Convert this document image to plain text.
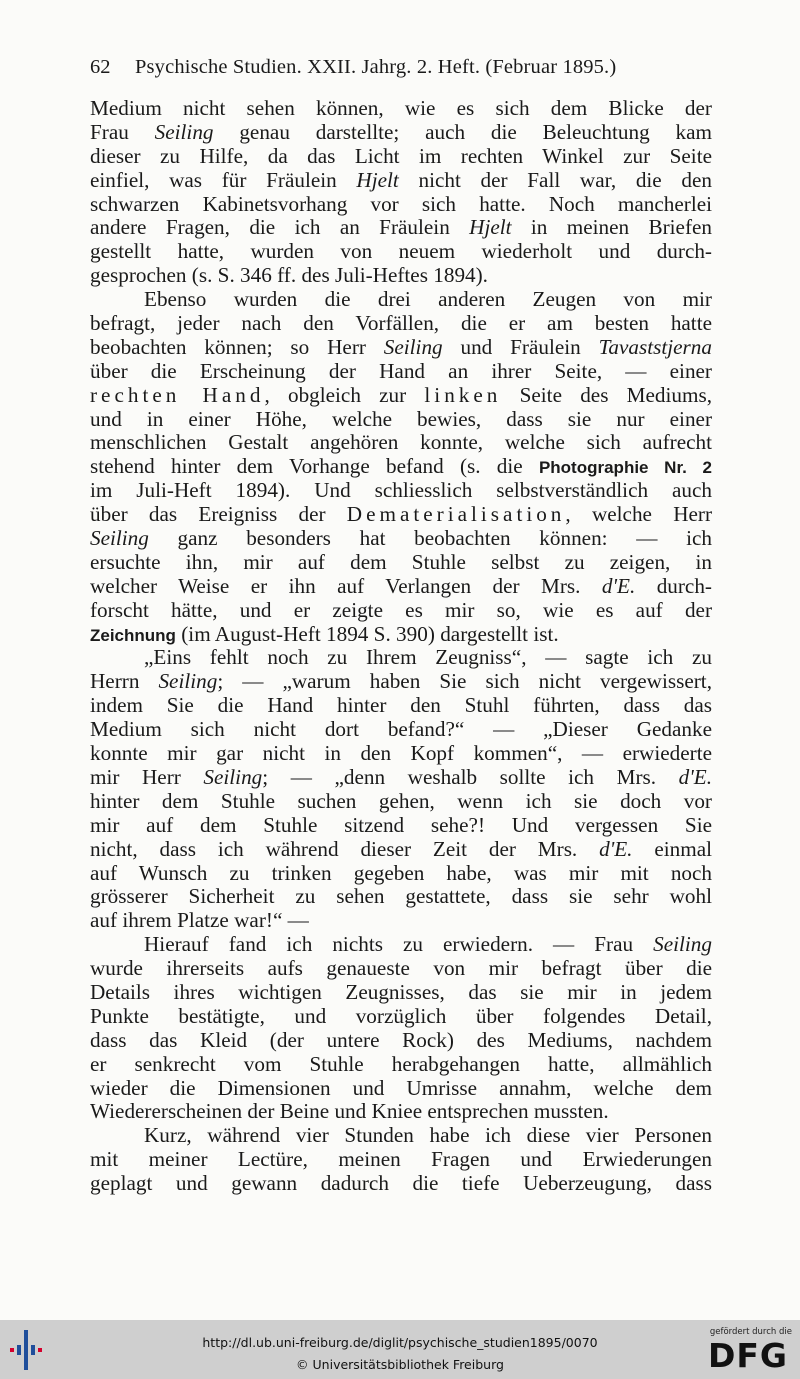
62 Psychische Studien. XXII. Jahrg. 2. Heft. (Februar 1895.)
Medium nicht sehen können, wie es sich dem Blicke der
Frau Seiling genau darstellte; auch die Beleuchtung kam
dieser zu Hilfe, da das Licht im rechten Winkel zur Seite
einfiel, was für Fräulein Hjelt nicht der Fall war, die den
schwarzen Kabinetsvorhang vor sich hatte. Noch mancherlei
andere Fragen, die ich an Fräulein Hjelt in meinen Briefen
gestellt hatte, wurden von neuem wiederholt und durch-
gesprochen (s. S. 346 ff. des Juli-Heftes 1894).
Ebenso wurden die drei anderen Zeugen von mir
befragt, jeder nach den Vorfällen, die er am besten hatte
beobachten können; so Herr Seiling und Fräulein Tavaststjerna
über die Erscheinung der Hand an ihrer Seite, — einer
rechten Hand, obgleich zur linken Seite des Mediums,
und in einer Höhe, welche bewies, dass sie nur einer
menschlichen Gestalt angehören konnte, welche sich aufrecht
stehend hinter dem Vorhange befand (s. die Photographie Nr. 2
im Juli-Heft 1894). Und schliesslich selbstverständlich auch
über das Ereigniss der Dematerialisation, welche Herr
Seiling ganz besonders hat beobachten können: — ich
ersuchte ihn, mir auf dem Stuhle selbst zu zeigen, in
welcher Weise er ihn auf Verlangen der Mrs. d'E. durch-
forscht hätte, und er zeigte es mir so, wie es auf der
Zeichnung (im August-Heft 1894 S. 390) dargestellt ist.
„Eins fehlt noch zu Ihrem Zeugniss“, — sagte ich zu
Herrn Seiling; — „warum haben Sie sich nicht vergewissert,
indem Sie die Hand hinter den Stuhl führten, dass das
Medium sich nicht dort befand?“ — „Dieser Gedanke
konnte mir gar nicht in den Kopf kommen“, — erwiederte
mir Herr Seiling; — „denn weshalb sollte ich Mrs. d'E.
hinter dem Stuhle suchen gehen, wenn ich sie doch vor
mir auf dem Stuhle sitzend sehe?! Und vergessen Sie
nicht, dass ich während dieser Zeit der Mrs. d'E. einmal
auf Wunsch zu trinken gegeben habe, was mir mit noch
grösserer Sicherheit zu sehen gestattete, dass sie sehr wohl
auf ihrem Platze war!“ —
Hierauf fand ich nichts zu erwiedern. — Frau Seiling
wurde ihrerseits aufs genaueste von mir befragt über die
Details ihres wichtigen Zeugnisses, das sie mir in jedem
Punkte bestätigte, und vorzüglich über folgendes Detail,
dass das Kleid (der untere Rock) des Mediums, nachdem
er senkrecht vom Stuhle herabgehangen hatte, allmählich
wieder die Dimensionen und Umrisse annahm, welche dem
Wiedererscheinen der Beine und Kniee entsprechen mussten.
Kurz, während vier Stunden habe ich diese vier Personen
mit meiner Lectüre, meinen Fragen und Erwiederungen
geplagt und gewann dadurch die tiefe Ueberzeugung, dass
http://dl.ub.uni-freiburg.de/diglit/psychische_studien1895/0070
© Universitätsbibliothek Freiburg
gefördert durch die
DFG
